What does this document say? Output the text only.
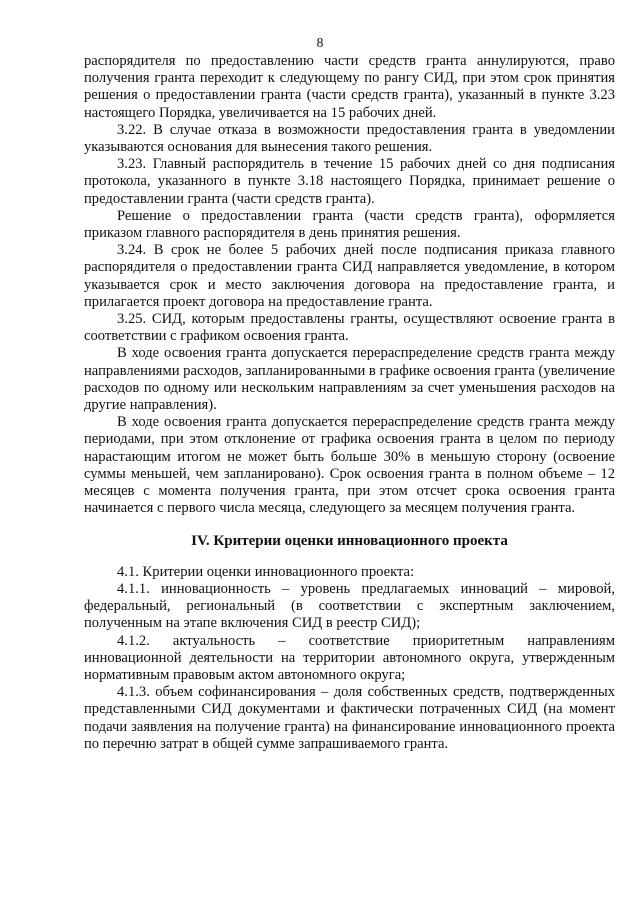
8

распорядителя по предоставлению части средств гранта аннулируются, право получения гранта переходит к следующему по рангу СИД, при этом срок принятия решения о предоставлении гранта (части средств гранта), указанный в пункте 3.23 настоящего Порядка, увеличивается на 15 рабочих дней.

3.22. В случае отказа в возможности предоставления гранта в уведомлении указываются основания для вынесения такого решения.

3.23. Главный распорядитель в течение 15 рабочих дней со дня подписания протокола, указанного в пункте 3.18 настоящего Порядка, принимает решение о предоставлении гранта (части средств гранта).

Решение о предоставлении гранта (части средств гранта), оформляется приказом главного распорядителя в день принятия решения.

3.24. В срок не более 5 рабочих дней после подписания приказа главного распорядителя о предоставлении гранта СИД направляется уведомление, в котором указывается срок и место заключения договора на предоставление гранта, и прилагается проект договора на предоставление гранта.

3.25. СИД, которым предоставлены гранты, осуществляют освоение гранта в соответствии с графиком освоения гранта.

В ходе освоения гранта допускается перераспределение средств гранта между направлениями расходов, запланированными в графике освоения гранта (увеличение расходов по одному или нескольким направлениям за счет уменьшения расходов на другие направления).

В ходе освоения гранта допускается перераспределение средств гранта между периодами, при этом отклонение от графика освоения гранта в целом по периоду нарастающим итогом не может быть больше 30% в меньшую сторону (освоение суммы меньшей, чем запланировано). Срок освоения гранта в полном объеме – 12 месяцев с момента получения гранта, при этом отсчет срока освоения гранта начинается с первого числа месяца, следующего за месяцем получения гранта.

IV. Критерии оценки инновационного проекта

4.1. Критерии оценки инновационного проекта:

4.1.1. инновационность – уровень предлагаемых инноваций – мировой, федеральный, региональный (в соответствии с экспертным заключением, полученным на этапе включения СИД в реестр СИД);

4.1.2. актуальность – соответствие приоритетным направлениям инновационной деятельности на территории автономного округа, утвержденным нормативным правовым актом автономного округа;

4.1.3. объем софинансирования – доля собственных средств, подтвержденных представленными СИД документами и фактически потраченных СИД (на момент подачи заявления на получение гранта) на финансирование инновационного проекта по перечню затрат в общей сумме запрашиваемого гранта.
